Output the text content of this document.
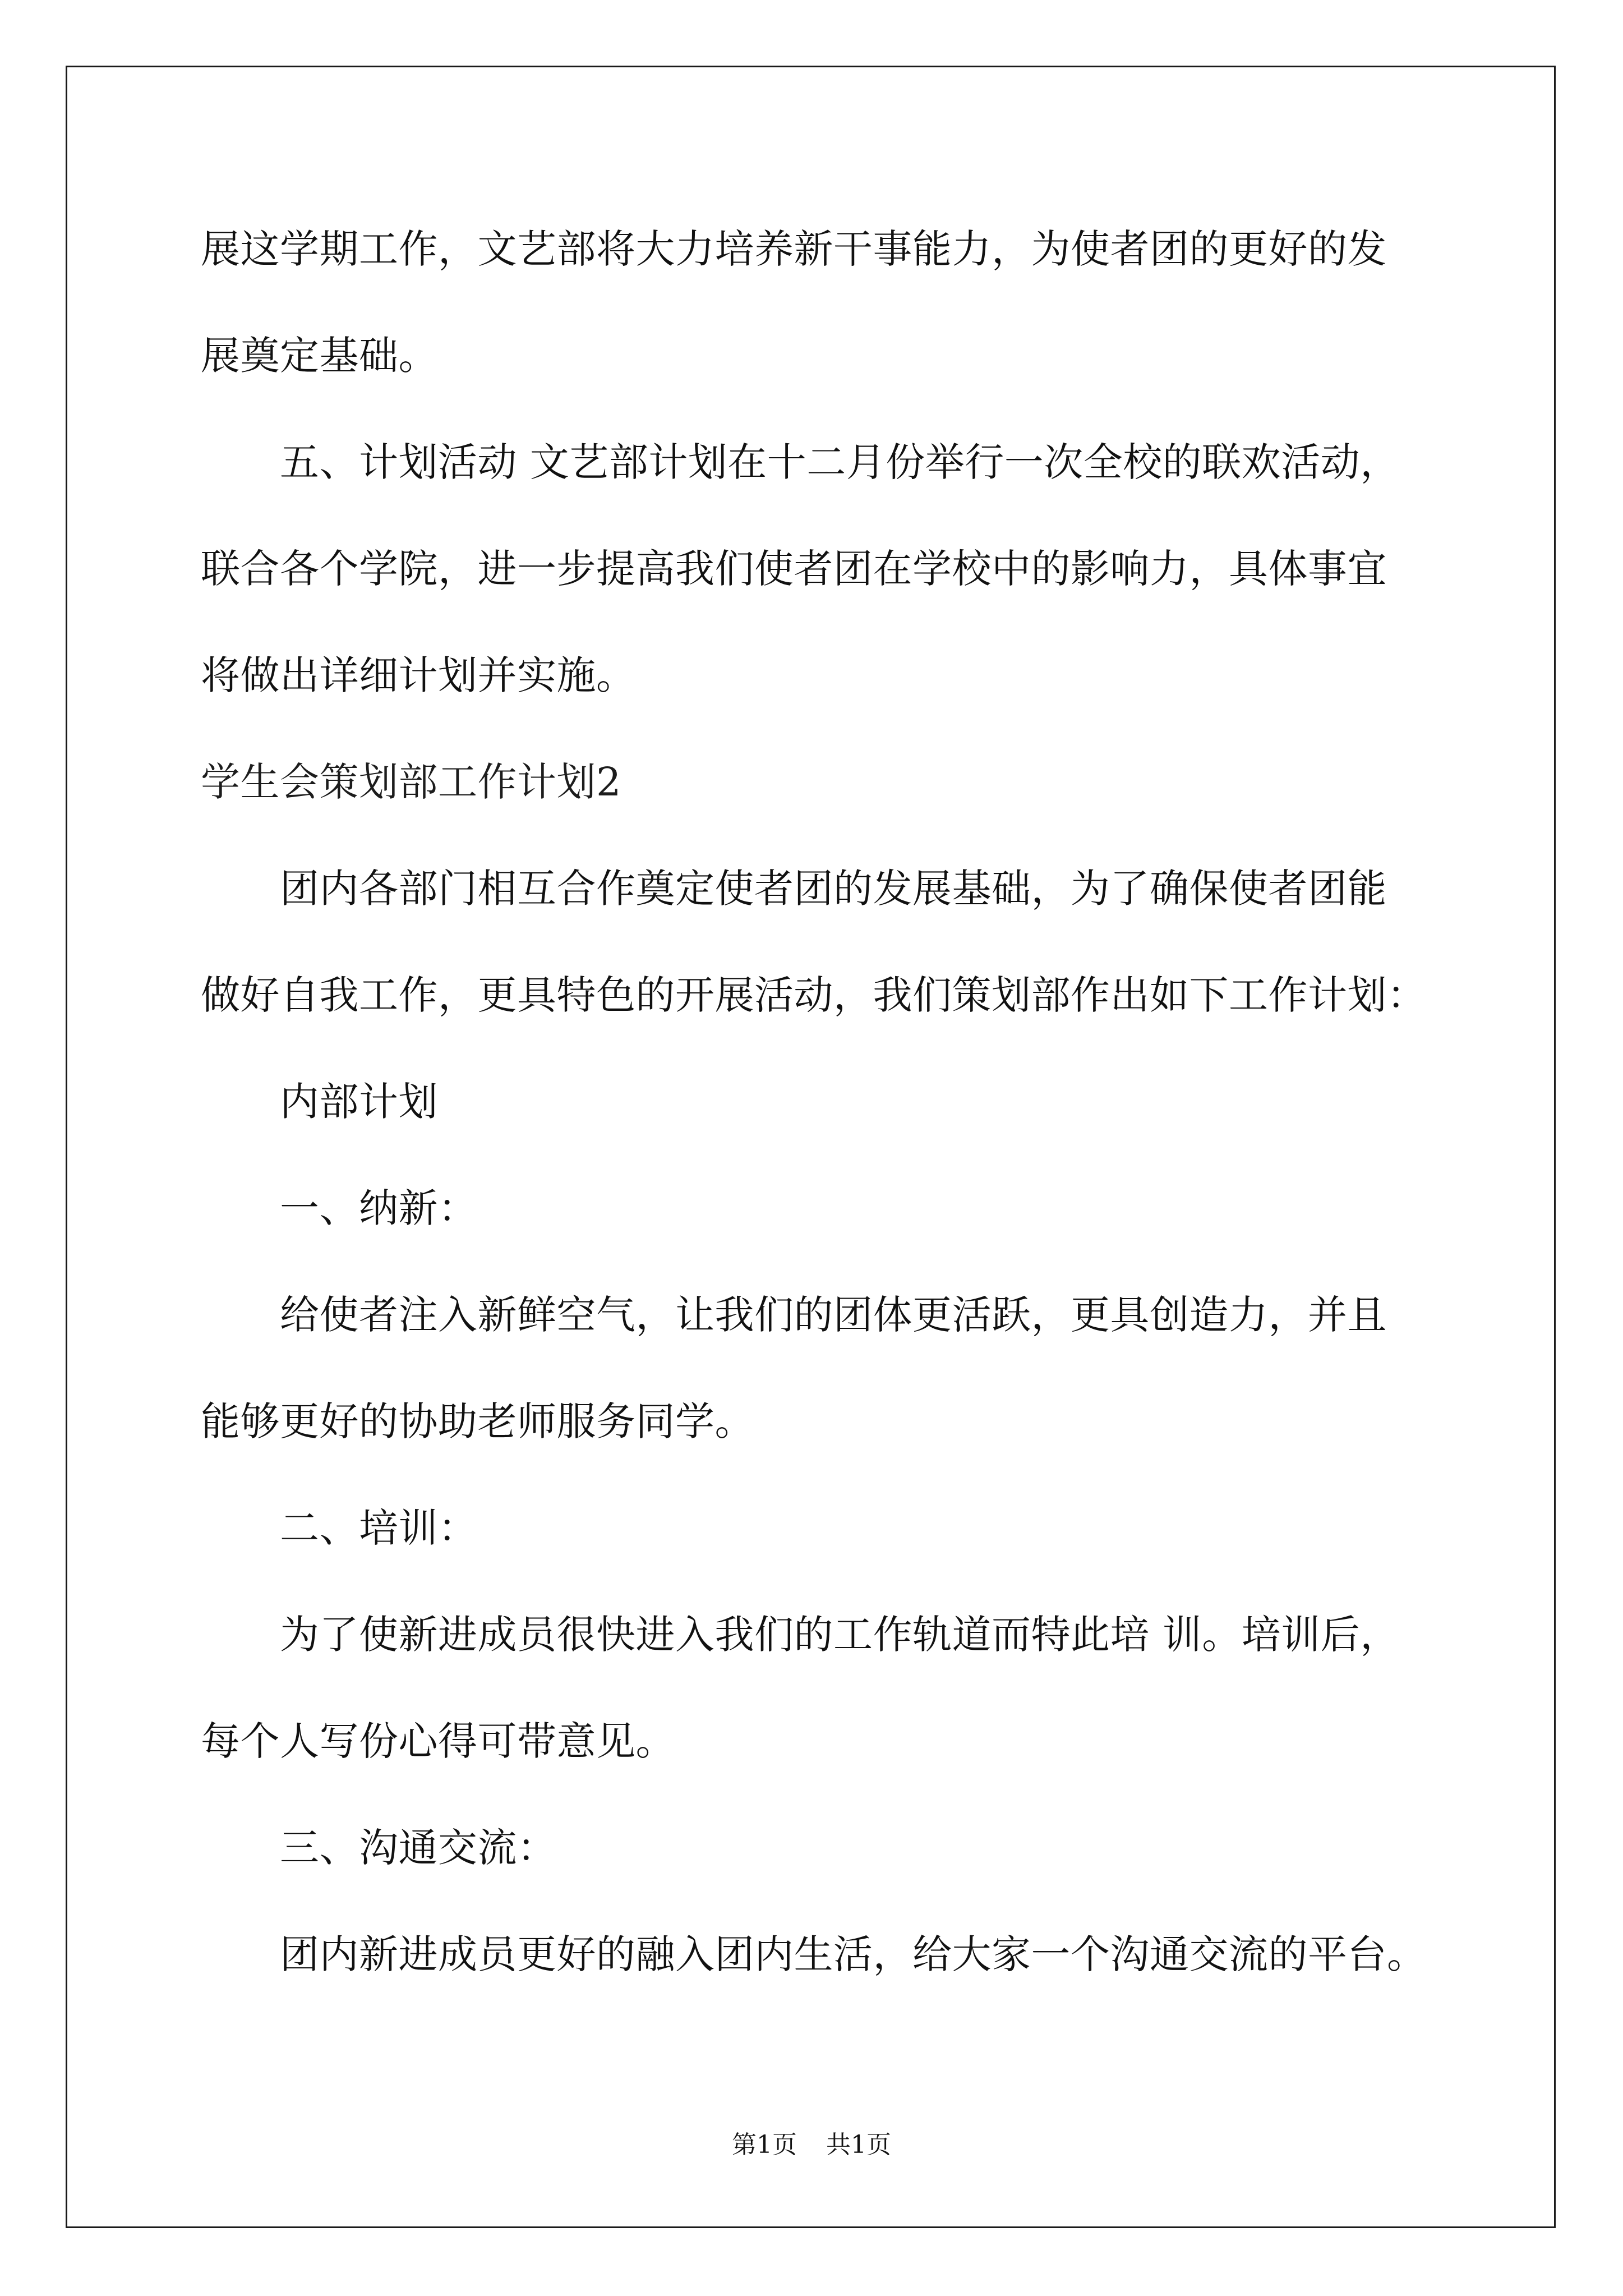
展这学期工作，文艺部将大力培养新干事能力，为使者团的更好的发
展奠定基础。
五、计划活动 文艺部计划在十二月份举行一次全校的联欢活动，
联合各个学院，进一步提高我们使者团在学校中的影响力，具体事宜
将做出详细计划并实施。
学生会策划部工作计划2
团内各部门相互合作奠定使者团的发展基础，为了确保使者团能
做好自我工作，更具特色的开展活动，我们策划部作出如下工作计划：
内部计划
一、纳新：
给使者注入新鲜空气，让我们的团体更活跃，更具创造力，并且
能够更好的协助老师服务同学。
二、培训：
为了使新进成员很快进入我们的工作轨道而特此培 训。培训后，
每个人写份心得可带意见。
三、沟通交流：
团内新进成员更好的融入团内生活，给大家一个沟通交流的平台。
第1页 共1页
